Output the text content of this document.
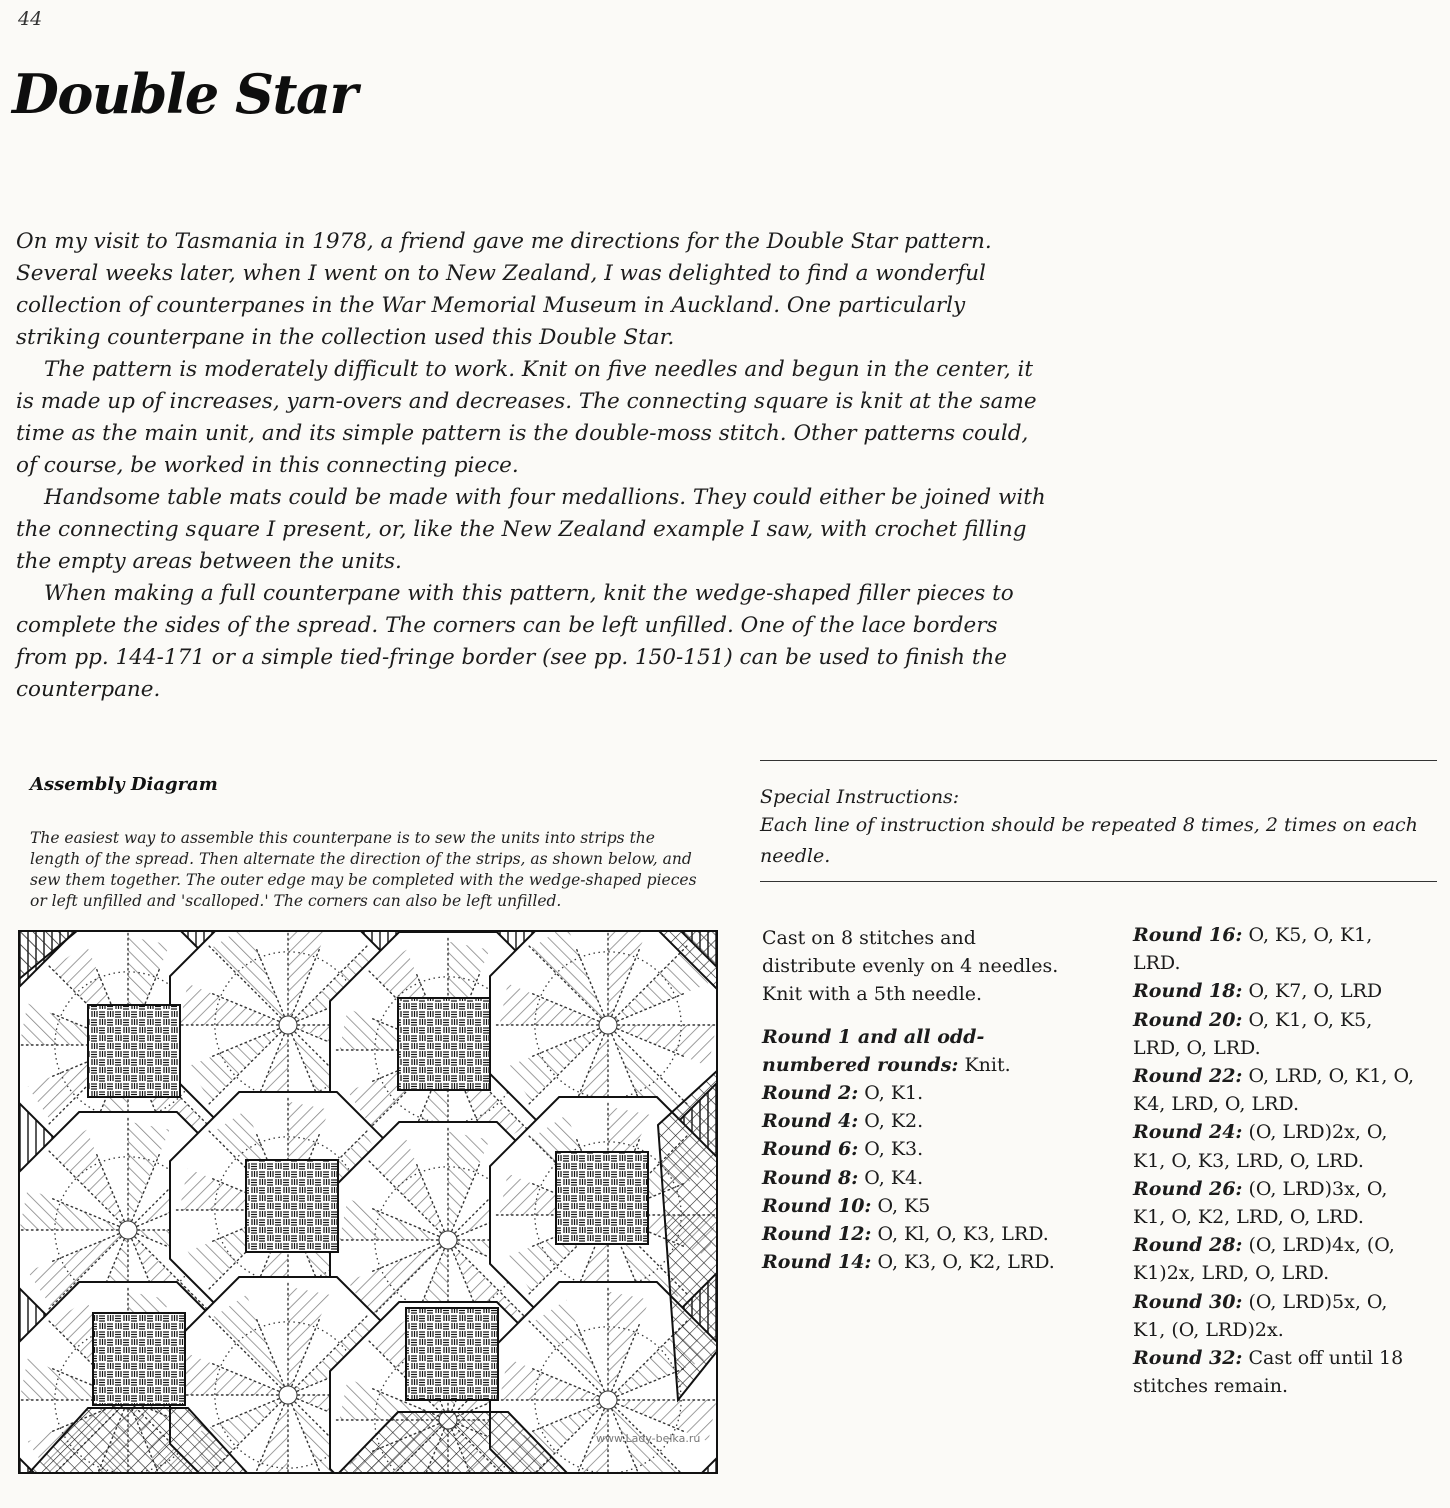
44
Double Star

On my visit to Tasmania in 1978, a friend gave me directions for the Double Star pattern. Several weeks later, when I went on to New Zealand, I was delighted to find a wonderful collection of counterpanes in the War Memorial Museum in Auckland. One particularly striking counterpane in the collection used this Double Star.

The pattern is moderately difficult to work. Knit on five needles and begun in the center, it is made up of increases, yarn-overs and decreases. The connecting square is knit at the same time as the main unit, and its simple pattern is the double-moss stitch. Other patterns could, of course, be worked in this connecting piece.

Handsome table mats could be made with four medallions. They could either be joined with the connecting square I present, or, like the New Zealand example I saw, with crochet filling the empty areas between the units.

When making a full counterpane with this pattern, knit the wedge-shaped filler pieces to complete the sides of the spread. The corners can be left unfilled. One of the lace borders from pp. 144-171 or a simple tied-fringe border (see pp. 150-151) can be used to finish the counterpane.

Assembly Diagram
The easiest way to assemble this counterpane is to sew the units into strips the length of the spread. Then alternate the direction of the strips, as shown below, and sew them together. The outer edge may be completed with the wedge-shaped pieces or left unfilled and 'scalloped.' The corners can also be left unfilled.
www.Lady-belka.ru
Special Instructions:
Each line of instruction should be repeated 8 times, 2 times on each needle.

Cast on 8 stitches and distribute evenly on 4 needles. Knit with a 5th needle.

Round 1 and all odd-numbered rounds: Knit.

Round 2: O, K1.

Round 4: O, K2.

Round 6: O, K3.

Round 8: O, K4.

Round 10: O, K5

Round 12: O, Kl, O, K3, LRD.

Round 14: O, K3, O, K2, LRD.

Round 16: O, K5, O, K1, LRD.

Round 18: O, K7, O, LRD

Round 20: O, K1, O, K5, LRD, O, LRD.

Round 22: O, LRD, O, K1, O, K4, LRD, O, LRD.

Round 24: (O, LRD)2x, O, K1, O, K3, LRD, O, LRD.

Round 26: (O, LRD)3x, O, K1, O, K2, LRD, O, LRD.

Round 28: (O, LRD)4x, (O, K1)2x, LRD, O, LRD.

Round 30: (O, LRD)5x, O, K1, (O, LRD)2x.

Round 32: Cast off until 18 stitches remain.
